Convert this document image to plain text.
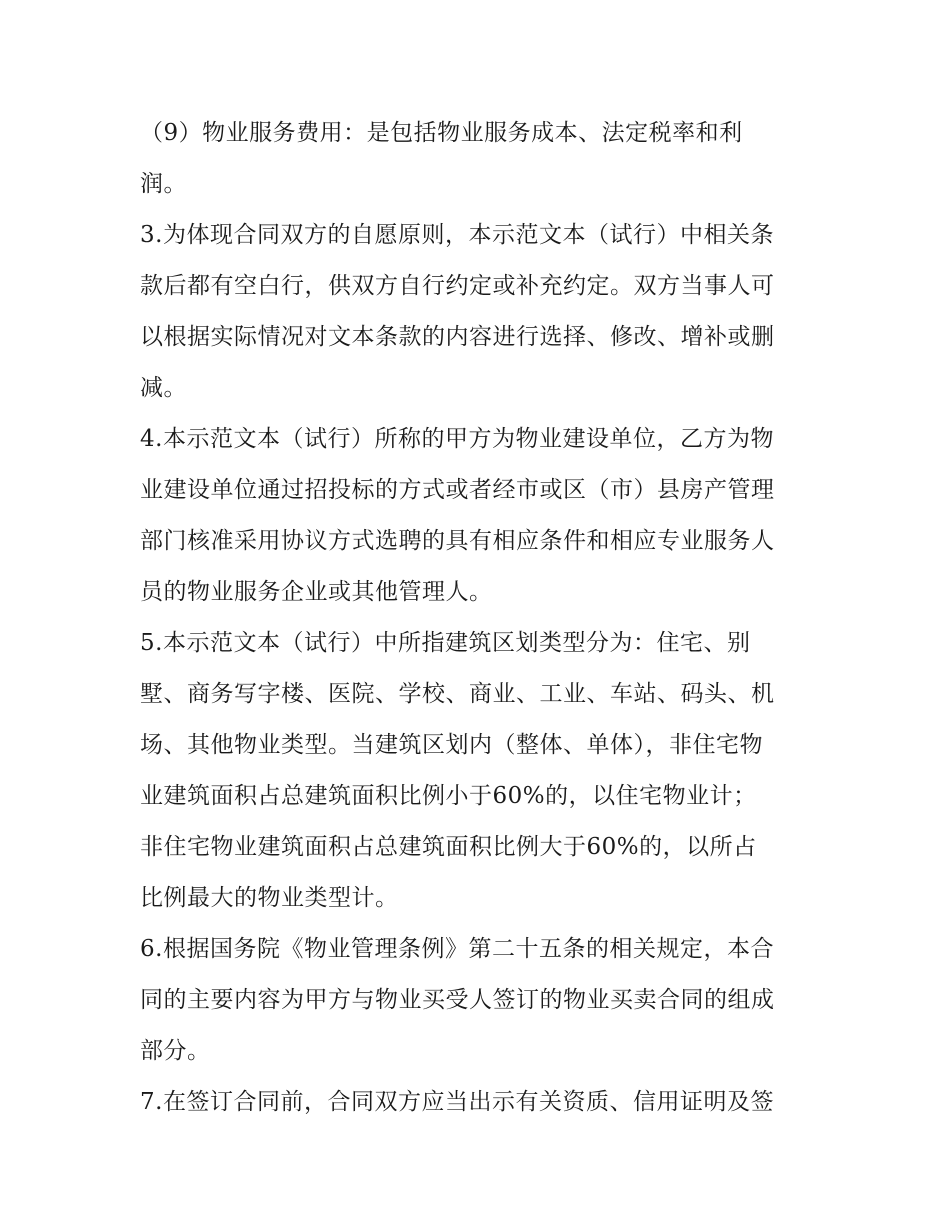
（9）物业服务费用：是包括物业服务成本、法定税率和利
润。
3.为体现合同双方的自愿原则，本示范文本（试行）中相关条
款后都有空白行，供双方自行约定或补充约定。双方当事人可
以根据实际情况对文本条款的内容进行选择、修改、增补或删
减。
4.本示范文本（试行）所称的甲方为物业建设单位，乙方为物
业建设单位通过招投标的方式或者经市或区（市）县房产管理
部门核准采用协议方式选聘的具有相应条件和相应专业服务人
员的物业服务企业或其他管理人。
5.本示范文本（试行）中所指建筑区划类型分为：住宅、别
墅、商务写字楼、医院、学校、商业、工业、车站、码头、机
场、其他物业类型。当建筑区划内（整体、单体），非住宅物
业建筑面积占总建筑面积比例小于60%的，以住宅物业计；
非住宅物业建筑面积占总建筑面积比例大于60%的，以所占
比例最大的物业类型计。
6.根据国务院《物业管理条例》第二十五条的相关规定，本合
同的主要内容为甲方与物业买受人签订的物业买卖合同的组成
部分。
7.在签订合同前，合同双方应当出示有关资质、信用证明及签
